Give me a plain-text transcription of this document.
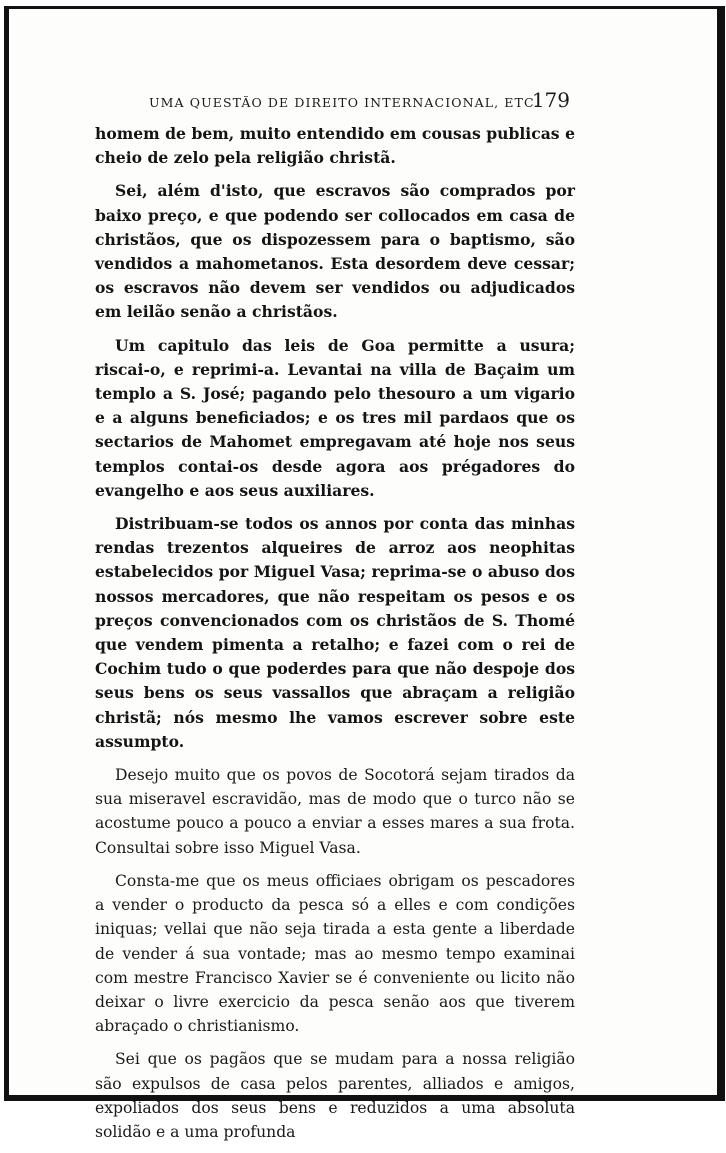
UMA QUESTÃO DE DIREITO INTERNACIONAL, ETC.
179

homem de bem, muito entendido em cousas publicas e cheio de zelo pela religião christã.

Sei, além d'isto, que escravos são comprados por baixo preço, e que podendo ser collocados em casa de christãos, que os dispozessem para o baptismo, são vendidos a mahometanos. Esta desordem deve cessar; os escravos não devem ser vendidos ou adjudicados em leilão senão a christãos.

Um capitulo das leis de Goa permitte a usura; riscai-o, e reprimi-a. Levantai na villa de Baçaim um templo a S. José; pagando pelo thesouro a um vigario e a alguns beneficiados; e os tres mil pardaos que os sectarios de Mahomet empregavam até hoje nos seus templos contai-os desde agora aos prégadores do evangelho e aos seus auxiliares.

Distribuam-se todos os annos por conta das minhas rendas trezentos alqueires de arroz aos neophitas estabelecidos por Miguel Vasa; reprima-se o abuso dos nossos mercadores, que não respeitam os pesos e os preços convencionados com os christãos de S. Thomé que vendem pimenta a retalho; e fazei com o rei de Cochim tudo o que poderdes para que não despoje dos seus bens os seus vassallos que abraçam a religião christã; nós mesmo lhe vamos escrever sobre este assumpto.

Desejo muito que os povos de Socotorá sejam tirados da sua miseravel escravidão, mas de modo que o turco não se acostume pouco a pouco a enviar a esses mares a sua frota. Consultai sobre isso Miguel Vasa.

Consta-me que os meus officiaes obrigam os pescadores a vender o producto da pesca só a elles e com condições iniquas; vellai que não seja tirada a esta gente a liberdade de vender á sua vontade; mas ao mesmo tempo examinai com mestre Francisco Xavier se é conveniente ou licito não deixar o livre exercicio da pesca senão aos que tiverem abraçado o christianismo.

Sei que os pagãos que se mudam para a nossa religião são expulsos de casa pelos parentes, alliados e amigos, expoliados dos seus bens e reduzidos a uma absoluta solidão e a uma profunda
